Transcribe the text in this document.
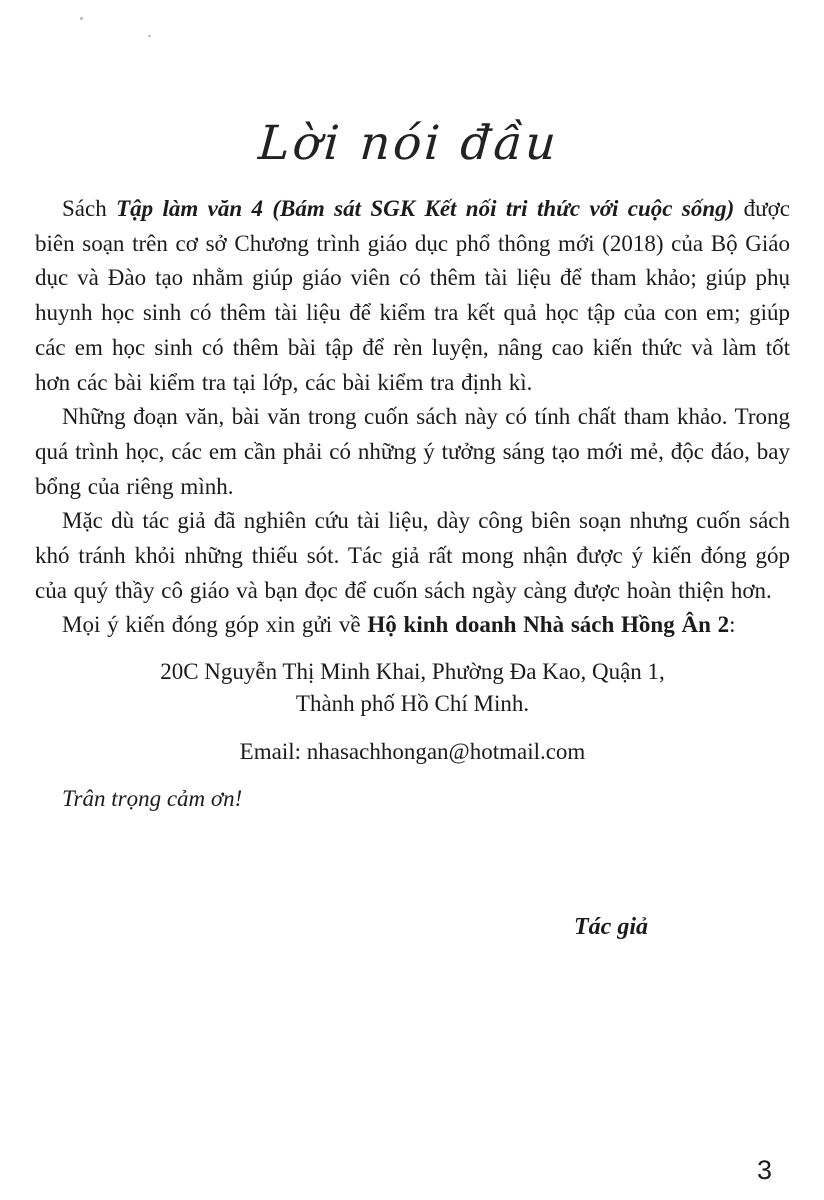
Lời nói đầu

Sách Tập làm văn 4 (Bám sát SGK Kết nối tri thức với cuộc sống) được biên soạn trên cơ sở Chương trình giáo dục phổ thông mới (2018) của Bộ Giáo dục và Đào tạo nhằm giúp giáo viên có thêm tài liệu để tham khảo; giúp phụ huynh học sinh có thêm tài liệu để kiểm tra kết quả học tập của con em; giúp các em học sinh có thêm bài tập để rèn luyện, nâng cao kiến thức và làm tốt hơn các bài kiểm tra tại lớp, các bài kiểm tra định kì.

Những đoạn văn, bài văn trong cuốn sách này có tính chất tham khảo. Trong quá trình học, các em cần phải có những ý tưởng sáng tạo mới mẻ, độc đáo, bay bổng của riêng mình.

Mặc dù tác giả đã nghiên cứu tài liệu, dày công biên soạn nhưng cuốn sách khó tránh khỏi những thiếu sót. Tác giả rất mong nhận được ý kiến đóng góp của quý thầy cô giáo và bạn đọc để cuốn sách ngày càng được hoàn thiện hơn.

Mọi ý kiến đóng góp xin gửi về Hộ kinh doanh Nhà sách Hồng Ân 2:

20C Nguyễn Thị Minh Khai, Phường Đa Kao, Quận 1,
Thành phố Hồ Chí Minh.
Email: nhasachhongan@hotmail.com
Trân trọng cảm ơn!
Tác giả
3
